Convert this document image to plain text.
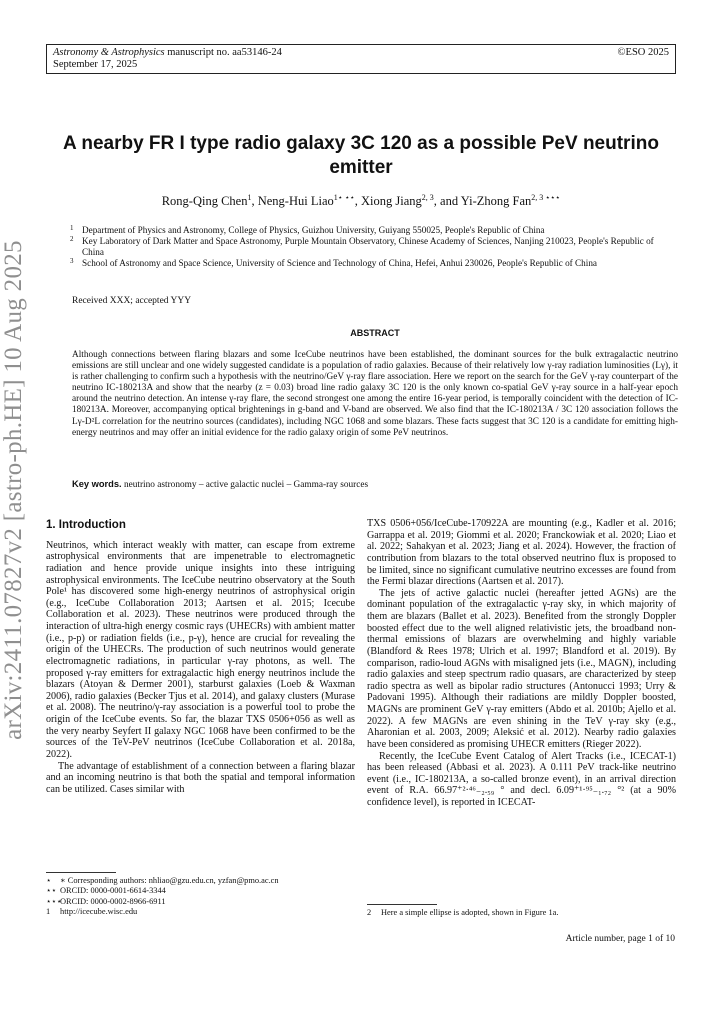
Astronomy & Astrophysics manuscript no. aa53146-24	©ESO 2025
September 17, 2025
arXiv:2411.07827v2 [astro-ph.HE] 10 Aug 2025
A nearby FR I type radio galaxy 3C 120 as a possible PeV neutrino emitter
Rong-Qing Chen$^1$, Neng-Hui Liao$^{1⋆ ⋆⋆}$, Xiong Jiang$^{2, 3}$, and Yi-Zhong Fan$^{2, 3 ⋆⋆⋆}$
1 Department of Physics and Astronomy, College of Physics, Guizhou University, Guiyang 550025, People's Republic of China
2 Key Laboratory of Dark Matter and Space Astronomy, Purple Mountain Observatory, Chinese Academy of Sciences, Nanjing 210023, People's Republic of China
3 School of Astronomy and Space Science, University of Science and Technology of China, Hefei, Anhui 230026, People's Republic of China
Received XXX; accepted YYY
ABSTRACT
Although connections between flaring blazars and some IceCube neutrinos have been established, the dominant sources for the bulk extragalactic neutrino emissions are still unclear and one widely suggested candidate is a population of radio galaxies. Because of their relatively low γ-ray radiation luminosities (Lγ), it is rather challenging to confirm such a hypothesis with the neutrino/GeV γ-ray flare association. Here we report on the search for the GeV γ-ray counterpart of the neutrino IC-180213A and show that the nearby (z = 0.03) broad line radio galaxy 3C 120 is the only known co-spatial GeV γ-ray source in a half-year epoch around the neutrino detection. An intense γ-ray flare, the second strongest one among the entire 16-year period, is temporally coincident with the detection of IC-180213A. Moreover, accompanying optical brightenings in g-band and V-band are observed. We also find that the IC-180213A / 3C 120 association follows the Lγ-D²L correlation for the neutrino sources (candidates), including NGC 1068 and some blazars. These facts suggest that 3C 120 is a candidate for emitting high-energy neutrinos and may offer an initial evidence for the radio galaxy origin of some PeV neutrinos.
Key words. neutrino astronomy – active galactic nuclei – Gamma-ray sources
1. Introduction

Neutrinos, which interact weakly with matter, can escape from extreme astrophysical environments that are impenetrable to electromagnetic radiation and hence provide unique insights into these intriguing astrophysical environments. The IceCube neutrino observatory at the South Pole¹ has discovered some high-energy neutrinos of astrophysical origin (e.g., IceCube Collaboration 2013; Aartsen et al. 2015; Icecube Collaboration et al. 2023). These neutrinos were produced through the interaction of ultra-high energy cosmic rays (UHECRs) with ambient matter (i.e., p-p) or radiation fields (i.e., p-γ), hence are crucial for revealing the origin of the UHECRs. The production of such neutrinos would generate electromagnetic radiations, in particular γ-ray photons, as well. The proposed γ-ray emitters for extragalactic high energy neutrinos include the blazars (Atoyan & Dermer 2001), starburst galaxies (Loeb & Waxman 2006), radio galaxies (Becker Tjus et al. 2014), and galaxy clusters (Murase et al. 2008). The neutrino/γ-ray association is a powerful tool to probe the origin of the IceCube events. So far, the blazar TXS 0506+056 as well as the very nearby Seyfert II galaxy NGC 1068 have been confirmed to be the sources of the TeV-PeV neutrinos (IceCube Collaboration et al. 2018a, 2022).

The advantage of establishment of a connection between a flaring blazar and an incoming neutrino is that both the spatial and temporal information can be utilized. Cases similar with

TXS 0506+056/IceCube-170922A are mounting (e.g., Kadler et al. 2016; Garrappa et al. 2019; Giommi et al. 2020; Franckowiak et al. 2020; Liao et al. 2022; Sahakyan et al. 2023; Jiang et al. 2024). However, the fraction of contribution from blazars to the total observed neutrino flux is proposed to be limited, since no significant cumulative neutrino excesses are found from the Fermi blazar directions (Aartsen et al. 2017).

The jets of active galactic nuclei (hereafter jetted AGNs) are the dominant population of the extragalactic γ-ray sky, in which majority of them are blazars (Ballet et al. 2023). Benefited from the strongly Doppler boosted effect due to the well aligned relativistic jets, the broadband non-thermal emissions of blazars are overwhelming and highly variable (Blandford & Rees 1978; Ulrich et al. 1997; Blandford et al. 2019). By comparison, radio-loud AGNs with misaligned jets (i.e., MAGN), including radio galaxies and steep spectrum radio quasars, are characterized by steep radio spectra as well as bipolar radio structures (Antonucci 1993; Urry & Padovani 1995). Although their radiations are mildly Doppler boosted, MAGNs are prominent GeV γ-ray emitters (Abdo et al. 2010b; Ajello et al. 2022). A few MAGNs are even shining in the TeV γ-ray sky (e.g., Aharonian et al. 2003, 2009; Aleksić et al. 2012). Nearby radio galaxies have been considered as promising UHECR emitters (Rieger 2022).

Recently, the IceCube Event Catalog of Alert Tracks (i.e., ICECAT-1) has been released (Abbasi et al. 2023). A 0.111 PeV track-like neutrino event (i.e., IC-180213A, a so-called bronze event), in an arrival direction event of R.A. 66.97⁺²·⁴⁶₋₂.₅₉ ° and decl. 6.09⁺¹·⁹⁵₋₁.₇₂ °² (at a 90% confidence level), is reported in ICECAT-

⋆ ∗ Corresponding authors: nhliao@gzu.edu.cn, yzfan@pmo.ac.cn
⋆⋆ ORCID: 0000-0001-6614-3344
⋆⋆⋆ORCID: 0000-0002-8966-6911
1 http://icecube.wisc.edu	2 Here a simple ellipse is adopted, shown in Figure 1a.
Article number, page 1 of 10
